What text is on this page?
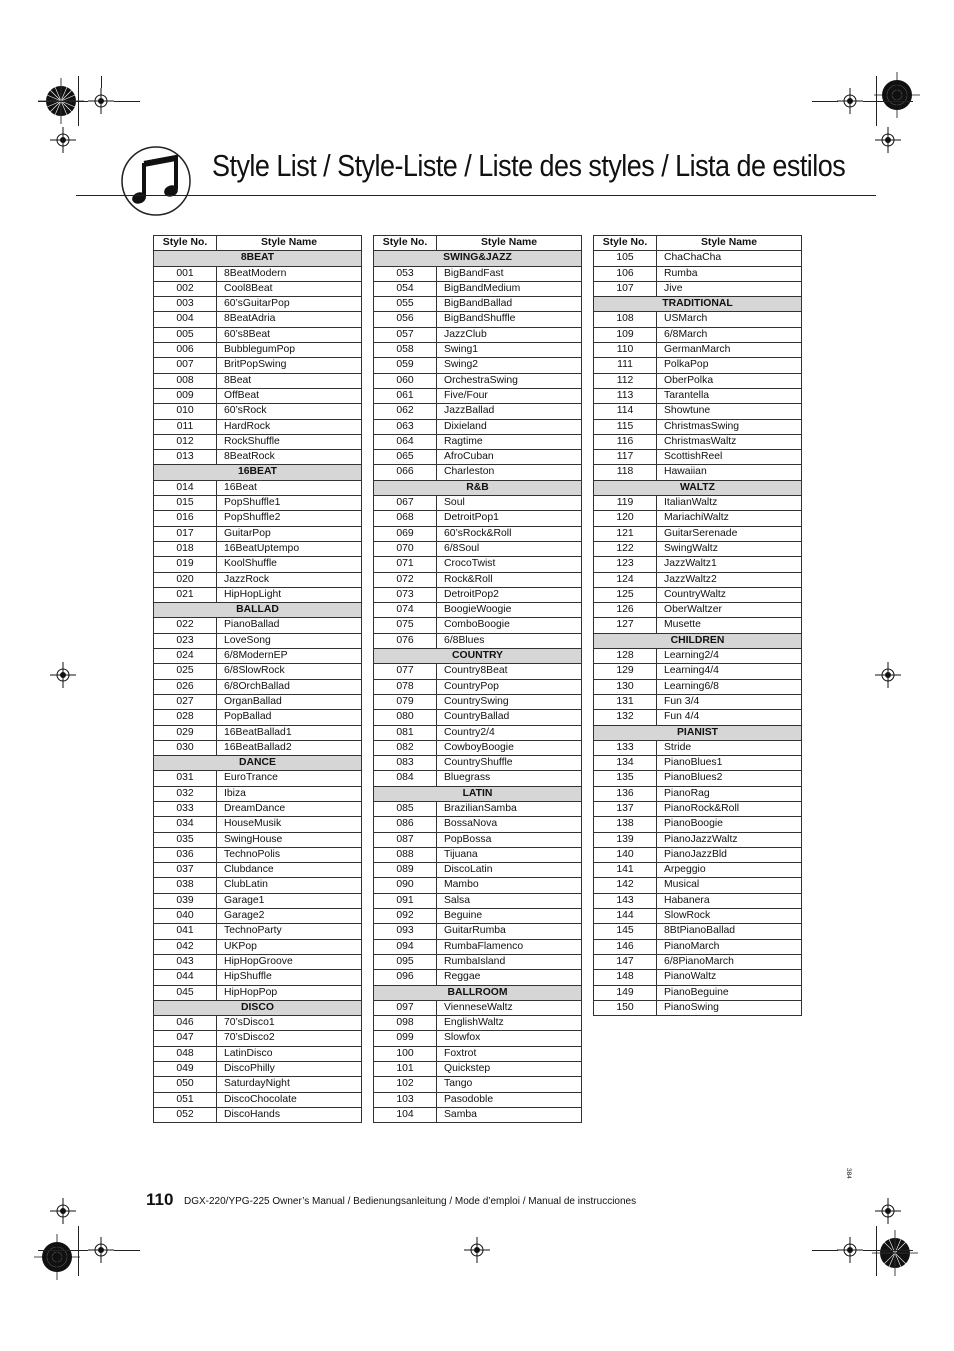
Style List / Style-Liste / Liste des styles / Lista de estilos
Style No.	Style Name
8BEAT	
001	8BeatModern
002	Cool8Beat
003	60’sGuitarPop
004	8BeatAdria
005	60’s8Beat
006	BubblegumPop
007	BritPopSwing
008	8Beat
009	OffBeat
010	60’sRock
011	HardRock
012	RockShuffle
013	8BeatRock
16BEAT	
014	16Beat
015	PopShuffle1
016	PopShuffle2
017	GuitarPop
018	16BeatUptempo
019	KoolShuffle
020	JazzRock
021	HipHopLight
BALLAD	
022	PianoBallad
023	LoveSong
024	6/8ModernEP
025	6/8SlowRock
026	6/8OrchBallad
027	OrganBallad
028	PopBallad
029	16BeatBallad1
030	16BeatBallad2
DANCE	
031	EuroTrance
032	Ibiza
033	DreamDance
034	HouseMusik
035	SwingHouse
036	TechnoPolis
037	Clubdance
038	ClubLatin
039	Garage1
040	Garage2
041	TechnoParty
042	UKPop
043	HipHopGroove
044	HipShuffle
045	HipHopPop
DISCO	
046	70’sDisco1
047	70’sDisco2
048	LatinDisco
049	DiscoPhilly
050	SaturdayNight
051	DiscoChocolate
052	DiscoHands
Style No.	Style Name
SWING&JAZZ	
053	BigBandFast
054	BigBandMedium
055	BigBandBallad
056	BigBandShuffle
057	JazzClub
058	Swing1
059	Swing2
060	OrchestraSwing
061	Five/Four
062	JazzBallad
063	Dixieland
064	Ragtime
065	AfroCuban
066	Charleston
R&B	
067	Soul
068	DetroitPop1
069	60’sRock&Roll
070	6/8Soul
071	CrocoTwist
072	Rock&Roll
073	DetroitPop2
074	BoogieWoogie
075	ComboBoogie
076	6/8Blues
COUNTRY	
077	Country8Beat
078	CountryPop
079	CountrySwing
080	CountryBallad
081	Country2/4
082	CowboyBoogie
083	CountryShuffle
084	Bluegrass
LATIN	
085	BrazilianSamba
086	BossaNova
087	PopBossa
088	Tijuana
089	DiscoLatin
090	Mambo
091	Salsa
092	Beguine
093	GuitarRumba
094	RumbaFlamenco
095	RumbaIsland
096	Reggae
BALLROOM	
097	VienneseWaltz
098	EnglishWaltz
099	Slowfox
100	Foxtrot
101	Quickstep
102	Tango
103	Pasodoble
104	Samba
Style No.	Style Name
105	ChaChaCha
106	Rumba
107	Jive
TRADITIONAL	
108	USMarch
109	6/8March
110	GermanMarch
111	PolkaPop
112	OberPolka
113	Tarantella
114	Showtune
115	ChristmasSwing
116	ChristmasWaltz
117	ScottishReel
118	Hawaiian
WALTZ	
119	ItalianWaltz
120	MariachiWaltz
121	GuitarSerenade
122	SwingWaltz
123	JazzWaltz1
124	JazzWaltz2
125	CountryWaltz
126	OberWaltzer
127	Musette
CHILDREN	
128	Learning2/4
129	Learning4/4
130	Learning6/8
131	Fun 3/4
132	Fun 4/4
PIANIST	
133	Stride
134	PianoBlues1
135	PianoBlues2
136	PianoRag
137	PianoRock&Roll
138	PianoBoogie
139	PianoJazzWaltz
140	PianoJazzBld
141	Arpeggio
142	Musical
143	Habanera
144	SlowRock
145	8BtPianoBallad
146	PianoMarch
147	6/8PianoMarch
148	PianoWaltz
149	PianoBeguine
150	PianoSwing
110 DGX-220/YPG-225 Owner’s Manual / Bedienungsanleitung / Mode d’emploi / Manual de instrucciones
384
